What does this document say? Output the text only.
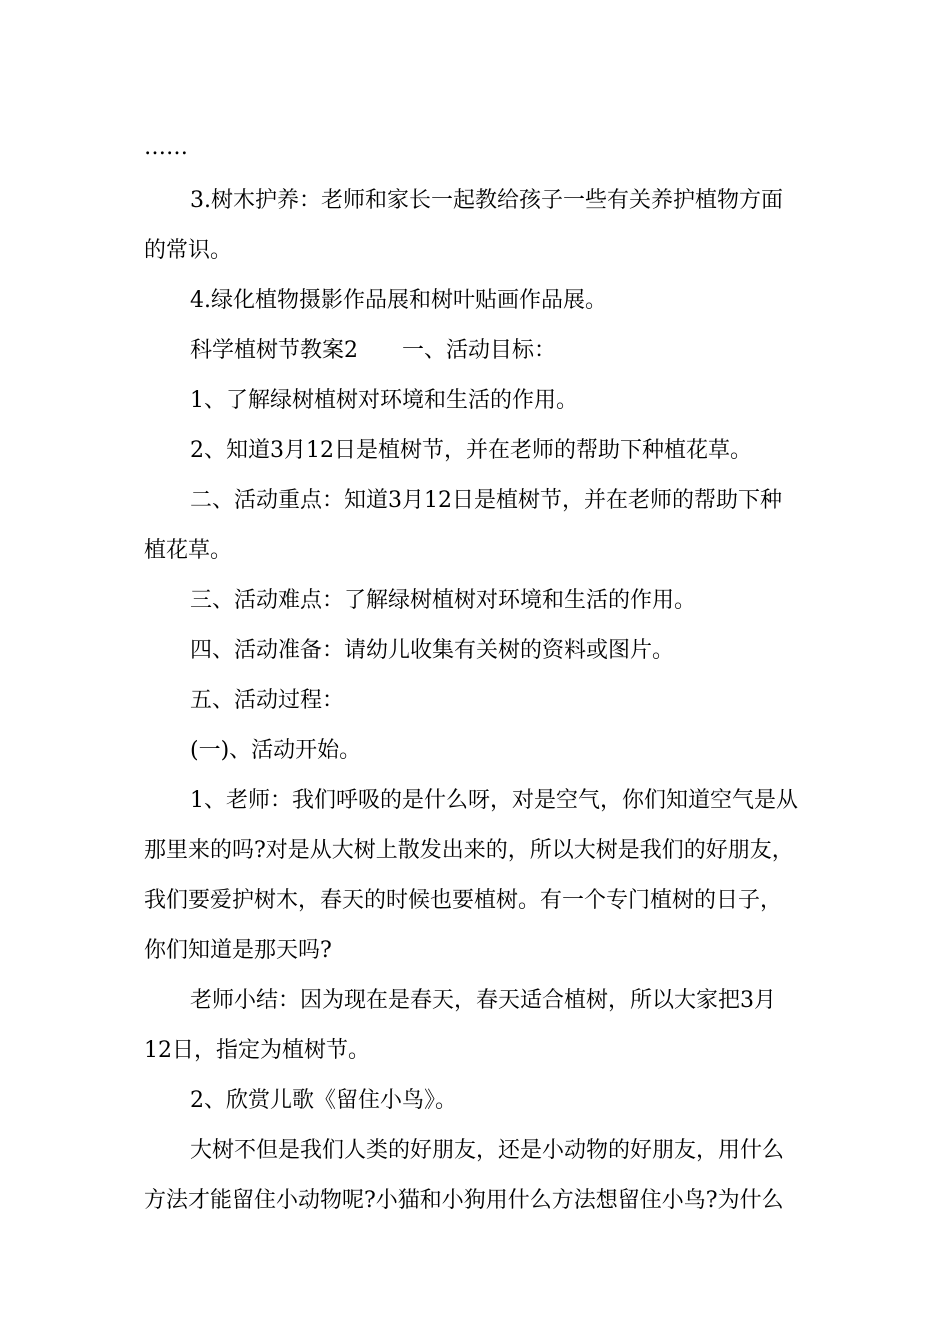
……
3.树木护养：老师和家长一起教给孩子一些有关养护植物方面
的常识。
4.绿化植物摄影作品展和树叶贴画作品展。
科学植树节教案2　　一、活动目标：
1、了解绿树植树对环境和生活的作用。
2、知道3月12日是植树节，并在老师的帮助下种植花草。
二、活动重点：知道3月12日是植树节，并在老师的帮助下种
植花草。
三、活动难点：了解绿树植树对环境和生活的作用。
四、活动准备：请幼儿收集有关树的资料或图片。
五、活动过程：
(一)、活动开始。
1、老师：我们呼吸的是什么呀，对是空气，你们知道空气是从
那里来的吗?对是从大树上散发出来的，所以大树是我们的好朋友，
我们要爱护树木，春天的时候也要植树。有一个专门植树的日子，
你们知道是那天吗?
老师小结：因为现在是春天，春天适合植树，所以大家把3月
12日，指定为植树节。
2、欣赏儿歌《留住小鸟》。
大树不但是我们人类的好朋友，还是小动物的好朋友，用什么
方法才能留住小动物呢?小猫和小狗用什么方法想留住小鸟?为什么
